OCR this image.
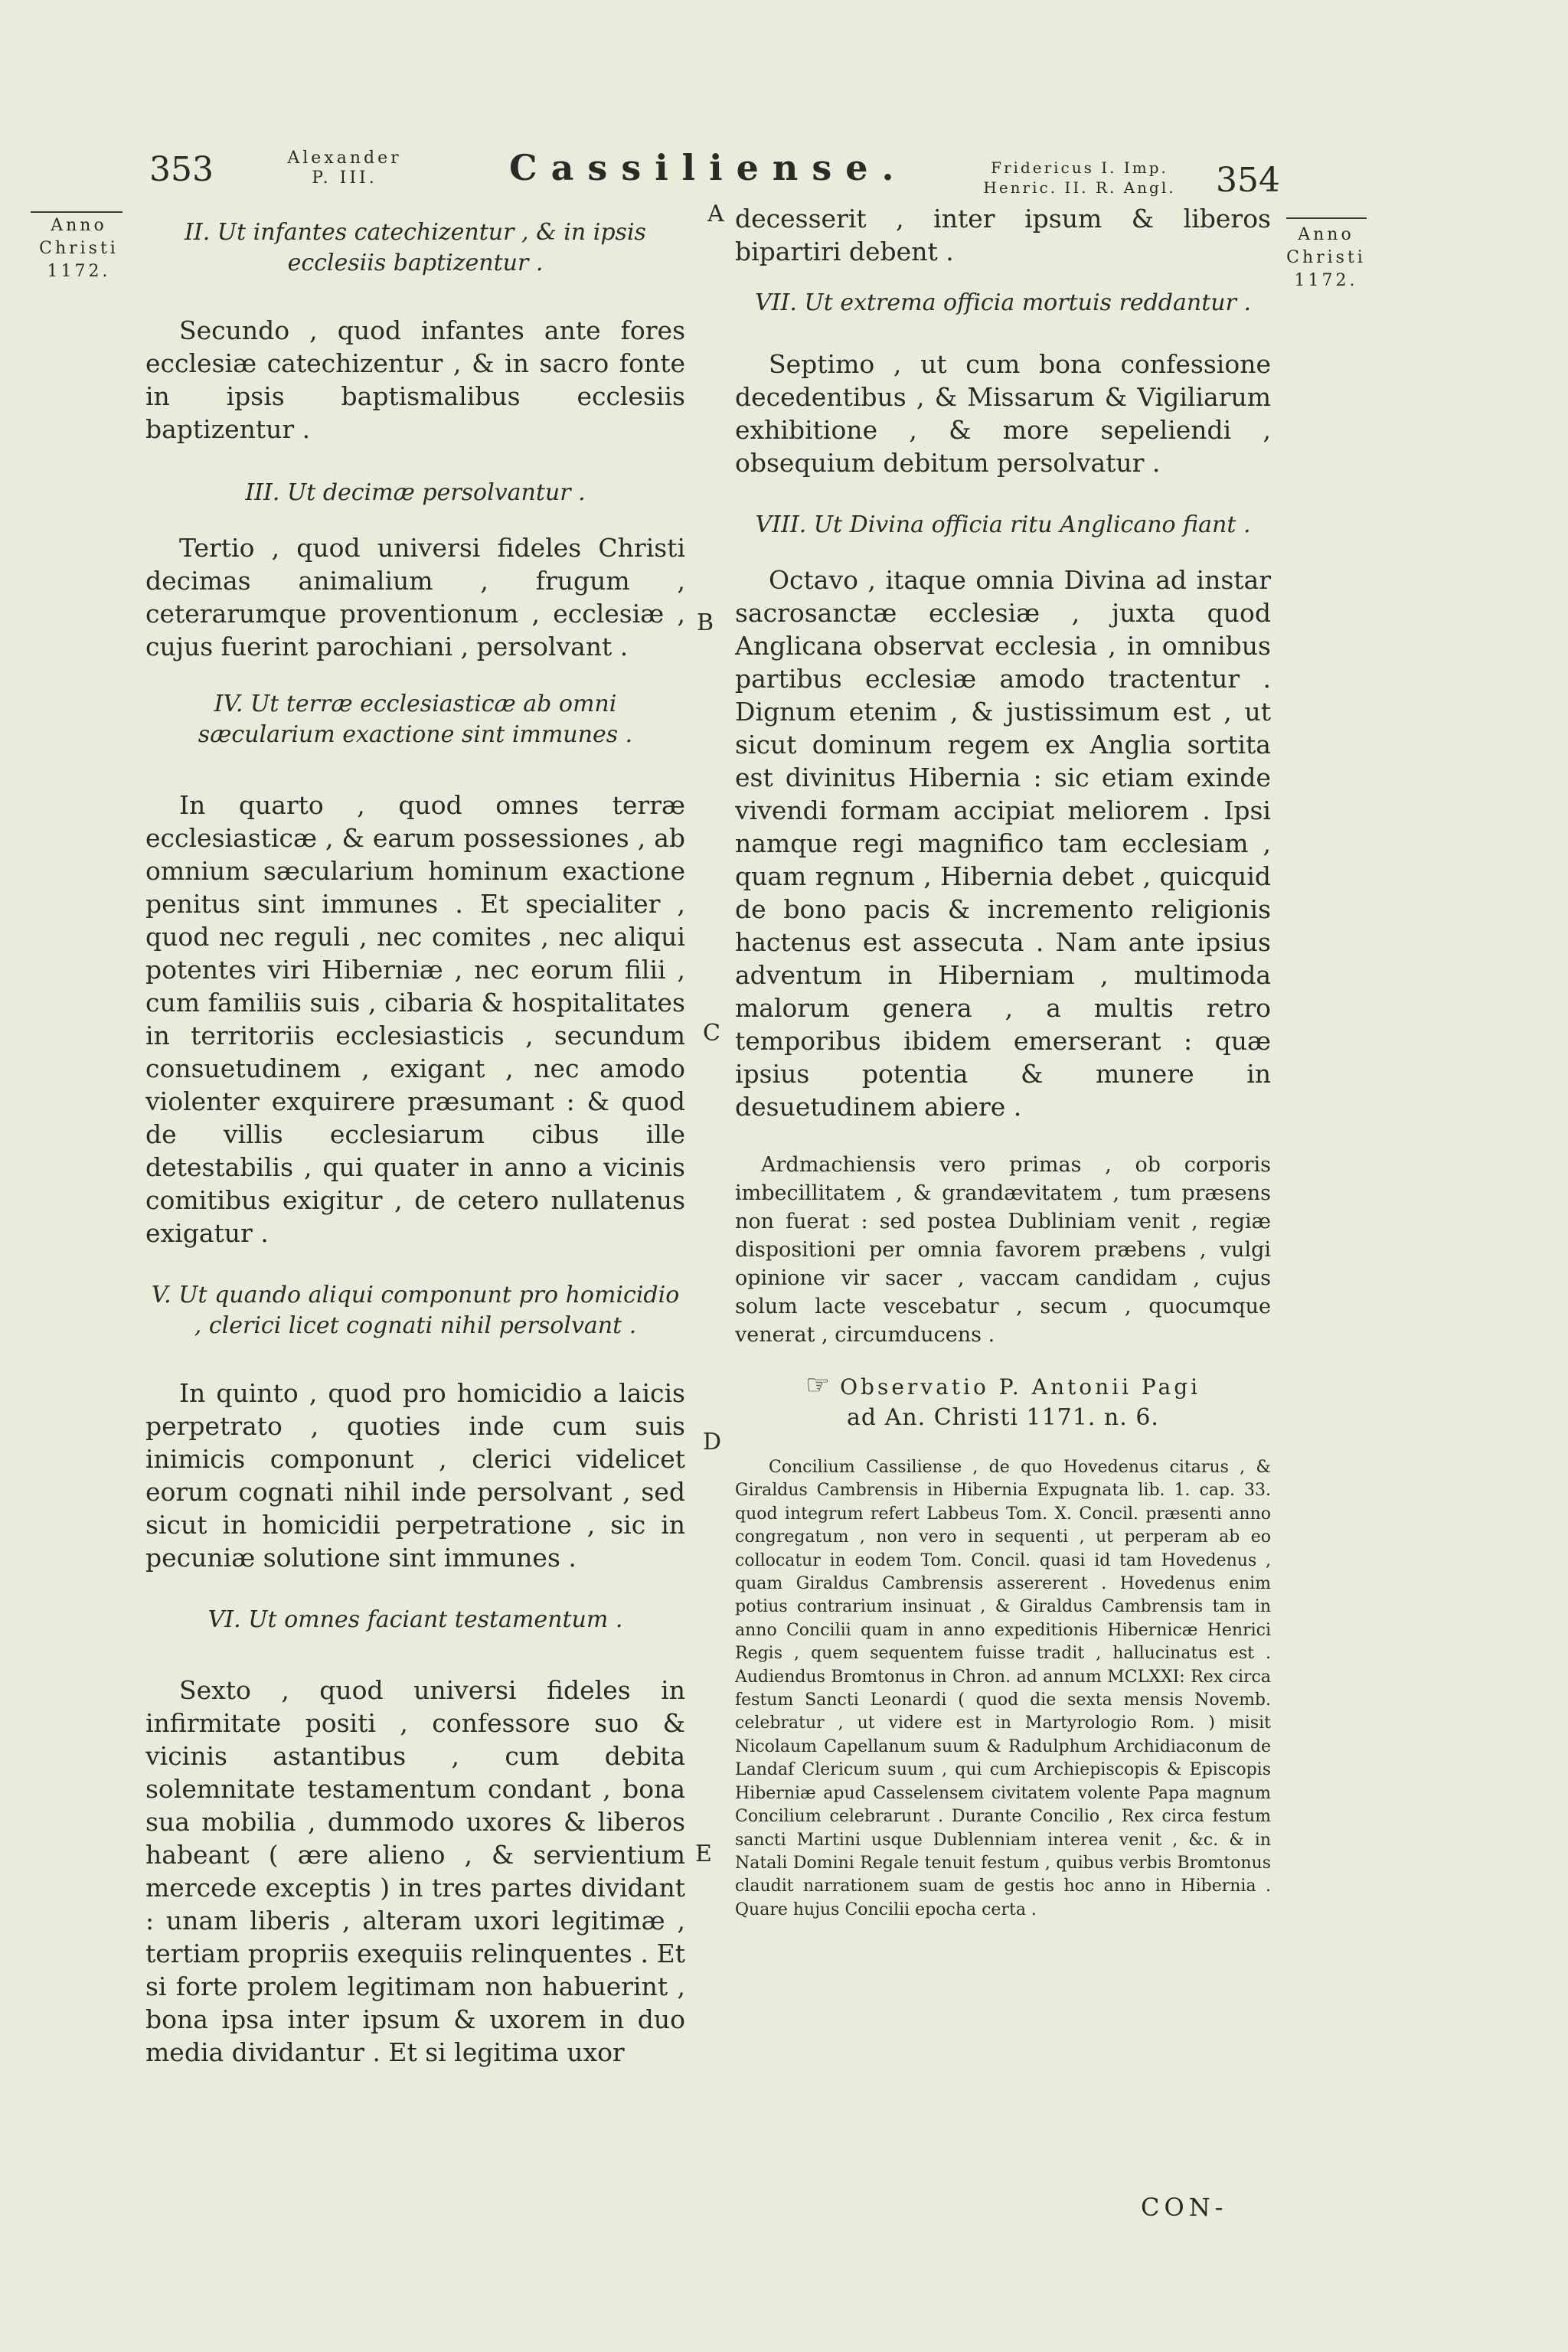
353	Alexander
P. III.	Cassiliense.	Fridericus I. Imp.
Henric. II. R. Angl.	354
Anno
Christi
1172.
Anno
Christi
1172.
A
B
C
D
E

II. Ut infantes catechizentur , & in ipsis ecclesiis baptizentur .

Secundo , quod infantes ante fores ecclesiæ catechizentur , & in sacro fonte in ipsis baptismalibus ecclesiis baptizentur .

III. Ut decimæ persolvantur .

Tertio , quod universi fideles Christi decimas animalium , frugum , ceterarumque proventionum , ecclesiæ , cujus fuerint parochiani , persolvant .

IV. Ut terræ ecclesiasticæ ab omni sæcularium exactione sint immunes .

In quarto , quod omnes terræ ecclesiasticæ , & earum possessiones , ab omnium sæcularium hominum exactione penitus sint immunes . Et specialiter , quod nec reguli , nec comites , nec aliqui potentes viri Hiberniæ , nec eorum filii , cum familiis suis , cibaria & hospitalitates in territoriis ecclesiasticis , secundum consuetudinem , exigant , nec amodo violenter exquirere præsumant : & quod de villis ecclesiarum cibus ille detestabilis , qui quater in anno a vicinis comitibus exigitur , de cetero nullatenus exigatur .

V. Ut quando aliqui componunt pro homicidio , clerici licet cognati nihil persolvant .

In quinto , quod pro homicidio a laicis perpetrato , quoties inde cum suis inimicis componunt , clerici videlicet eorum cognati nihil inde persolvant , sed sicut in homicidii perpetratione , sic in pecuniæ solutione sint immunes .

VI. Ut omnes faciant testamentum .

Sexto , quod universi fideles in infirmitate positi , confessore suo & vicinis astantibus , cum debita solemnitate testamentum condant , bona sua mobilia , dummodo uxores & liberos habeant ( ære alieno , & servientium mercede exceptis ) in tres partes dividant : unam liberis , alteram uxori legitimæ , tertiam propriis exequiis relinquentes . Et si forte prolem legitimam non habuerint , bona ipsa inter ipsum & uxorem in duo media dividantur . Et si legitima uxor

decesserit , inter ipsum & liberos bipartiri debent .

VII. Ut extrema officia mortuis reddantur .

Septimo , ut cum bona confessione decedentibus , & Missarum & Vigiliarum exhibitione , & more sepeliendi , obsequium debitum persolvatur .

VIII. Ut Divina officia ritu Anglicano fiant .

Octavo , itaque omnia Divina ad instar sacrosanctæ ecclesiæ , juxta quod Anglicana observat ecclesia , in omnibus partibus ecclesiæ amodo tractentur . Dignum etenim , & justissimum est , ut sicut dominum regem ex Anglia sortita est divinitus Hibernia : sic etiam exinde vivendi formam accipiat meliorem . Ipsi namque regi magnifico tam ecclesiam , quam regnum , Hibernia debet , quicquid de bono pacis & incremento religionis hactenus est assecuta . Nam ante ipsius adventum in Hiberniam , multimoda malorum genera , a multis retro temporibus ibidem emerserant : quæ ipsius potentia & munere in desuetudinem abiere .

Ardmachiensis vero primas , ob corporis imbecillitatem , & grandævitatem , tum præsens non fuerat : sed postea Dubliniam venit , regiæ dispositioni per omnia favorem præbens , vulgi opinione vir sacer , vaccam candidam , cujus solum lacte vescebatur , secum , quocumque venerat , circumducens .

☞ Observatio P. Antonii Pagi

ad An. Christi 1171. n. 6.

Concilium Cassiliense , de quo Hovedenus citarus , & Giraldus Cambrensis in Hibernia Expugnata lib. 1. cap. 33. quod integrum refert Labbeus Tom. X. Concil. præsenti anno congregatum , non vero in sequenti , ut perperam ab eo collocatur in eodem Tom. Concil. quasi id tam Hovedenus , quam Giraldus Cambrensis assererent . Hovedenus enim potius contrarium insinuat , & Giraldus Cambrensis tam in anno Concilii quam in anno expeditionis Hibernicæ Henrici Regis , quem sequentem fuisse tradit , hallucinatus est . Audiendus Bromtonus in Chron. ad annum MCLXXI: Rex circa festum Sancti Leonardi ( quod die sexta mensis Novemb. celebratur , ut videre est in Martyrologio Rom. ) misit Nicolaum Capellanum suum & Radulphum Archidiaconum de Landaf Clericum suum , qui cum Archiepiscopis & Episcopis Hiberniæ apud Casselensem civitatem volente Papa magnum Concilium celebrarunt . Durante Concilio , Rex circa festum sancti Martini usque Dublenniam interea venit , &c. & in Natali Domini Regale tenuit festum , quibus verbis Bromtonus claudit narrationem suam de gestis hoc anno in Hibernia . Quare hujus Concilii epocha certa .

CON-
